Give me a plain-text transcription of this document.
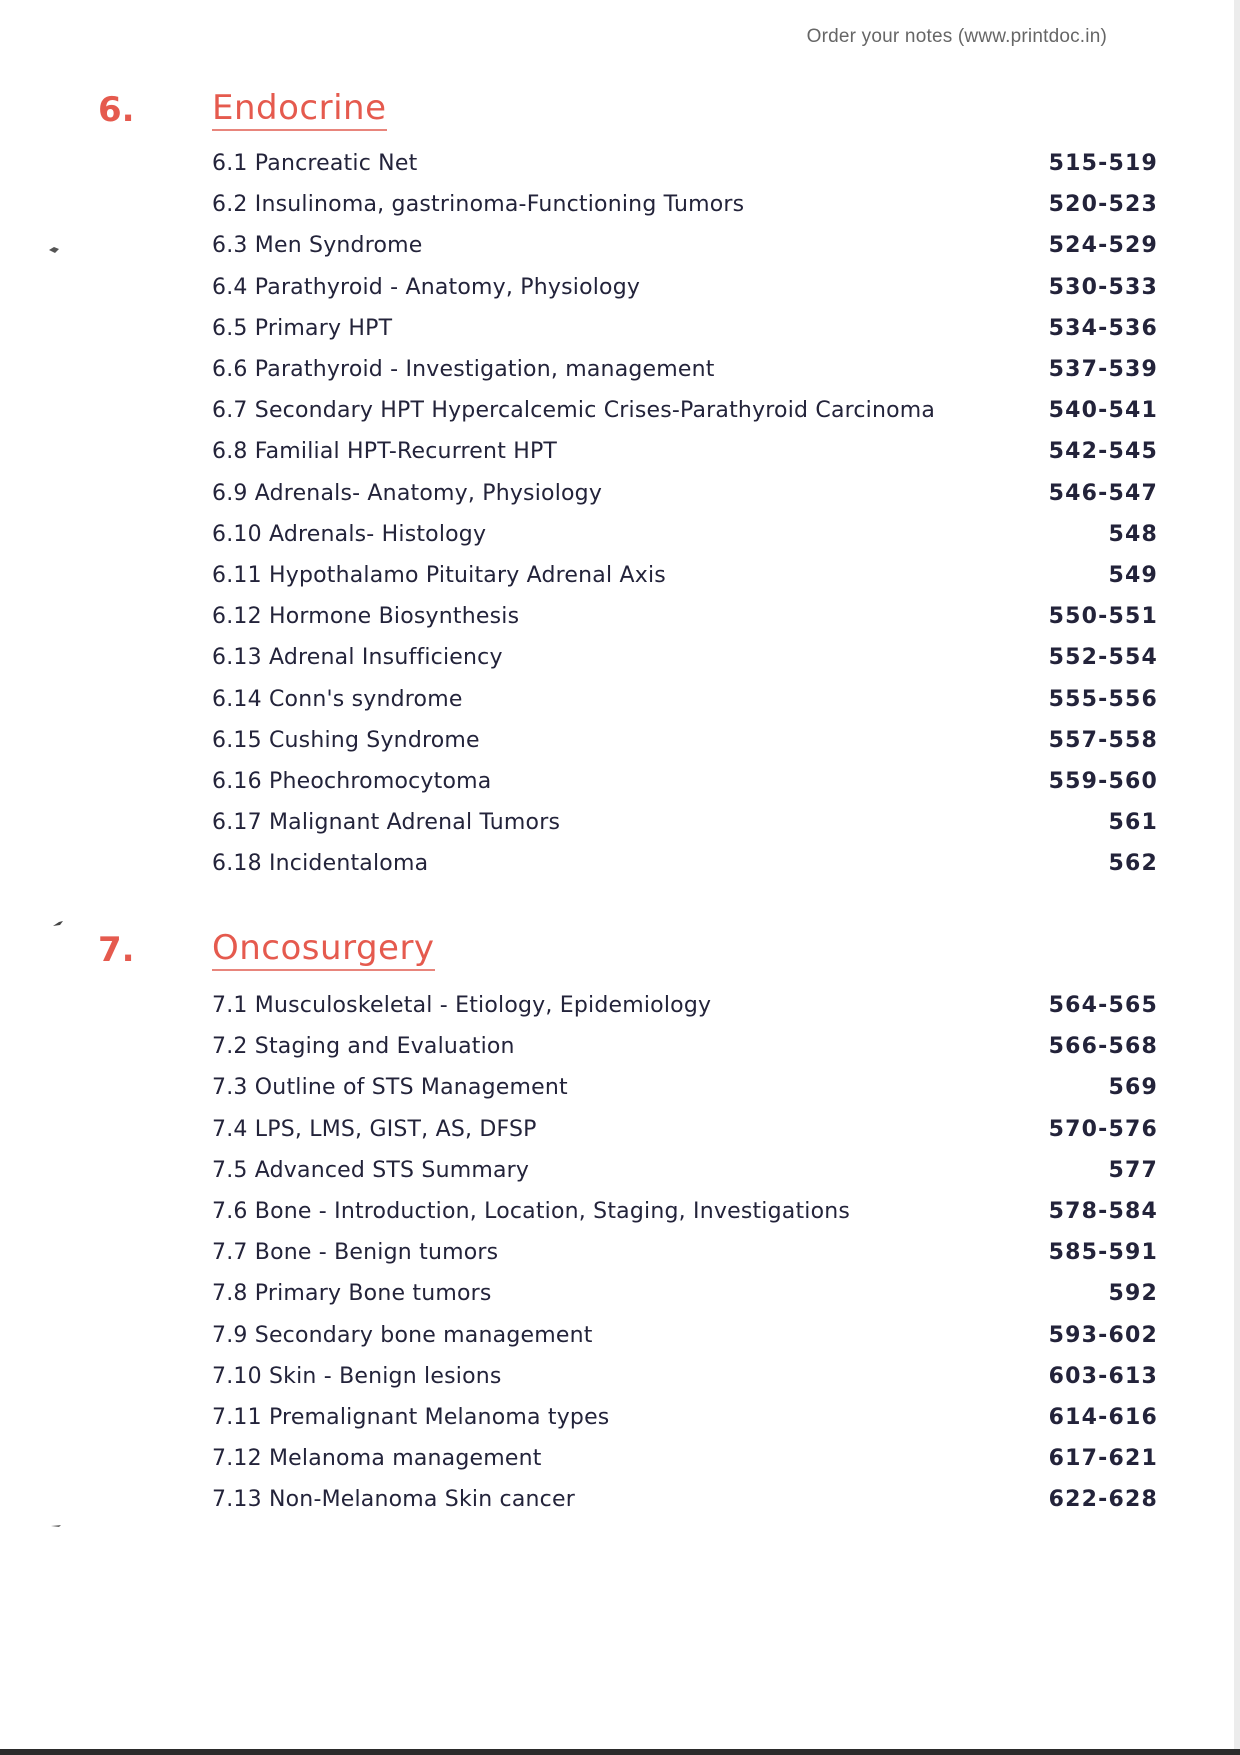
Order your notes (www.printdoc.in)
6. Endocrine
6.1 Pancreatic Net	515-519
6.2 Insulinoma, gastrinoma-Functioning Tumors	520-523
6.3 Men Syndrome	524-529
6.4 Parathyroid - Anatomy, Physiology	530-533
6.5 Primary HPT	534-536
6.6 Parathyroid - Investigation, management	537-539
6.7 Secondary HPT Hypercalcemic Crises-Parathyroid Carcinoma	540-541
6.8 Familial HPT-Recurrent HPT	542-545
6.9 Adrenals- Anatomy, Physiology	546-547
6.10 Adrenals- Histology	548
6.11 Hypothalamo Pituitary Adrenal Axis	549
6.12 Hormone Biosynthesis	550-551
6.13 Adrenal Insufficiency	552-554
6.14 Conn's syndrome	555-556
6.15 Cushing Syndrome	557-558
6.16 Pheochromocytoma	559-560
6.17 Malignant Adrenal Tumors	561
6.18 Incidentaloma	562
7. Oncosurgery
7.1 Musculoskeletal - Etiology, Epidemiology	564-565
7.2 Staging and Evaluation	566-568
7.3 Outline of STS Management	569
7.4 LPS, LMS, GIST, AS, DFSP	570-576
7.5 Advanced STS Summary	577
7.6 Bone - Introduction, Location, Staging, Investigations	578-584
7.7 Bone - Benign tumors	585-591
7.8 Primary Bone tumors	592
7.9 Secondary bone management	593-602
7.10 Skin - Benign lesions	603-613
7.11 Premalignant Melanoma types	614-616
7.12 Melanoma management	617-621
7.13 Non-Melanoma Skin cancer	622-628
